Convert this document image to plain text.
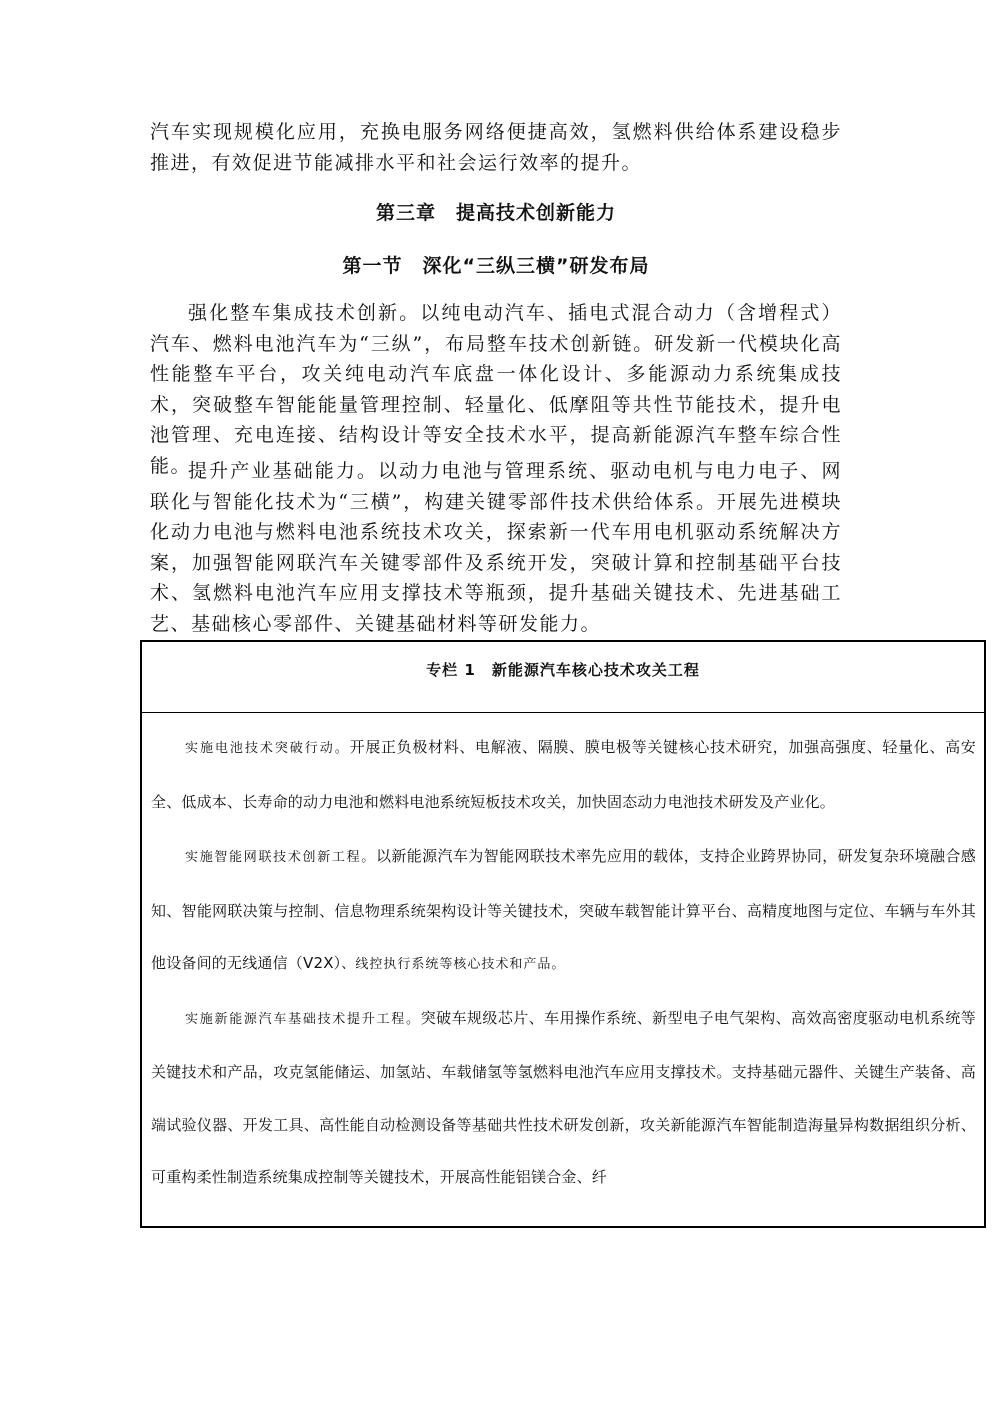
汽车实现规模化应用，充换电服务网络便捷高效，氢燃料供给体系建设稳步推进，有效促进节能减排水平和社会运行效率的提升。

第三章　提高技术创新能力
第一节　深化“三纵三横”研发布局

强化整车集成技术创新。以纯电动汽车、插电式混合动力（含增程式）汽车、燃料电池汽车为“三纵”，布局整车技术创新链。研发新一代模块化高性能整车平台，攻关纯电动汽车底盘一体化设计、多能源动力系统集成技术，突破整车智能能量管理控制、轻量化、低摩阻等共性节能技术，提升电池管理、充电连接、结构设计等安全技术水平，提高新能源汽车整车综合性能。

提升产业基础能力。以动力电池与管理系统、驱动电机与电力电子、网联化与智能化技术为“三横”，构建关键零部件技术供给体系。开展先进模块化动力电池与燃料电池系统技术攻关，探索新一代车用电机驱动系统解决方案，加强智能网联汽车关键零部件及系统开发，突破计算和控制基础平台技术、氢燃料电池汽车应用支撑技术等瓶颈，提升基础关键技术、先进基础工艺、基础核心零部件、关键基础材料等研发能力。

专栏 1　新能源汽车核心技术攻关工程

实施电池技术突破行动。开展正负极材料、电解液、隔膜、膜电极等关键核心技术研究，加强高强度、轻量化、高安全、低成本、长寿命的动力电池和燃料电池系统短板技术攻关，加快固态动力电池技术研发及产业化。

实施智能网联技术创新工程。以新能源汽车为智能网联技术率先应用的载体，支持企业跨界协同，研发复杂环境融合感知、智能网联决策与控制、信息物理系统架构设计等关键技术，突破车载智能计算平台、高精度地图与定位、车辆与车外其他设备间的无线通信（V2X）、线控执行系统等核心技术和产品。

实施新能源汽车基础技术提升工程。突破车规级芯片、车用操作系统、新型电子电气架构、高效高密度驱动电机系统等关键技术和产品，攻克氢能储运、加氢站、车载储氢等氢燃料电池汽车应用支撑技术。支持基础元器件、关键生产装备、高端试验仪器、开发工具、高性能自动检测设备等基础共性技术研发创新，攻关新能源汽车智能制造海量异构数据组织分析、可重构柔性制造系统集成控制等关键技术，开展高性能铝镁合金、纤
